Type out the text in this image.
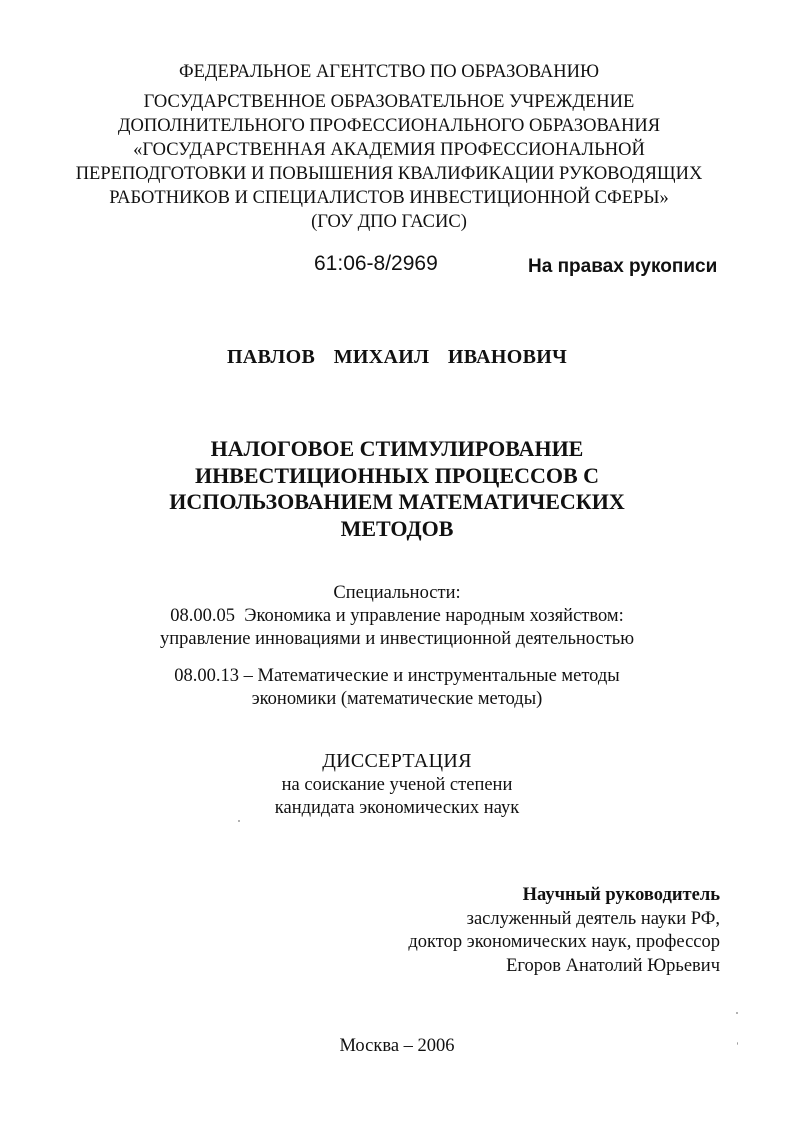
ФЕДЕРАЛЬНОЕ АГЕНТСТВО ПО ОБРАЗОВАНИЮ
ГОСУДАРСТВЕННОЕ ОБРАЗОВАТЕЛЬНОЕ УЧРЕЖДЕНИЕ
ДОПОЛНИТЕЛЬНОГО ПРОФЕССИОНАЛЬНОГО ОБРАЗОВАНИЯ
«ГОСУДАРСТВЕННАЯ АКАДЕМИЯ ПРОФЕССИОНАЛЬНОЙ
ПЕРЕПОДГОТОВКИ И ПОВЫШЕНИЯ КВАЛИФИКАЦИИ РУКОВОДЯЩИХ
РАБОТНИКОВ И СПЕЦИАЛИСТОВ ИНВЕСТИЦИОННОЙ СФЕРЫ»
(ГОУ ДПО ГАСИС)
61:06-8/2969	На правах рукописи
ПАВЛОВ  МИХАИЛ  ИВАНОВИЧ
НАЛОГОВОЕ СТИМУЛИРОВАНИЕ
ИНВЕСТИЦИОННЫХ ПРОЦЕССОВ С
ИСПОЛЬЗОВАНИЕМ МАТЕМАТИЧЕСКИХ
МЕТОДОВ
Специальности:
08.00.05  Экономика и управление народным хозяйством:
управление инновациями и инвестиционной деятельностью
08.00.13 – Математические и инструментальные методы
экономики (математические методы)
ДИССЕРТАЦИЯ
на соискание ученой степени
кандидата экономических наук
Научный руководитель
заслуженный деятель науки РФ,
доктор экономических наук, профессор
Егоров Анатолий Юрьевич
Москва – 2006
